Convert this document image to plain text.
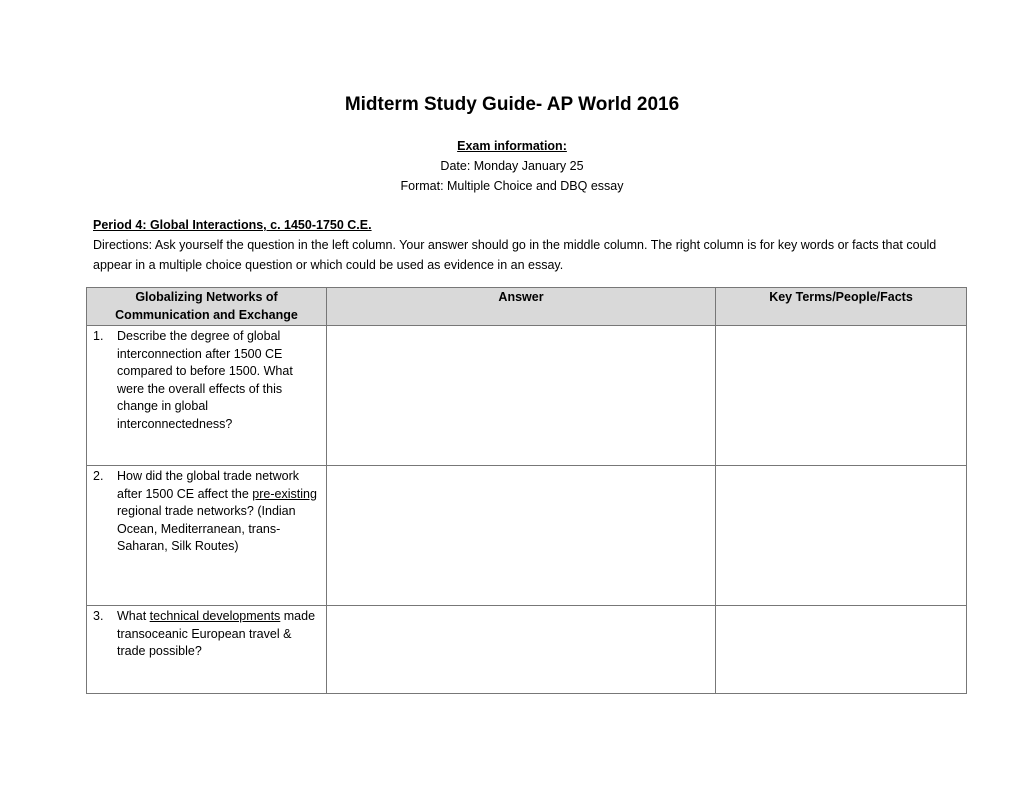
Midterm Study Guide- AP World 2016
Exam information:
Date: Monday January 25
Format: Multiple Choice and DBQ essay
Period 4: Global Interactions, c. 1450-1750 C.E.
Directions: Ask yourself the question in the left column. Your answer should go in the middle column. The right column is for key words or facts that could appear in a multiple choice question or which could be used as evidence in an essay.
Globalizing Networks of Communication and Exchange	Answer	Key Terms/People/Facts

1. Describe the degree of global interconnection after 1500 CE compared to before 1500. What were the overall effects of this change in global interconnectedness?		

2. How did the global trade network after 1500 CE affect the pre-existing regional trade networks? (Indian Ocean, Mediterranean, trans-Saharan, Silk Routes)		

3. What technical developments made transoceanic European travel & trade possible?		
